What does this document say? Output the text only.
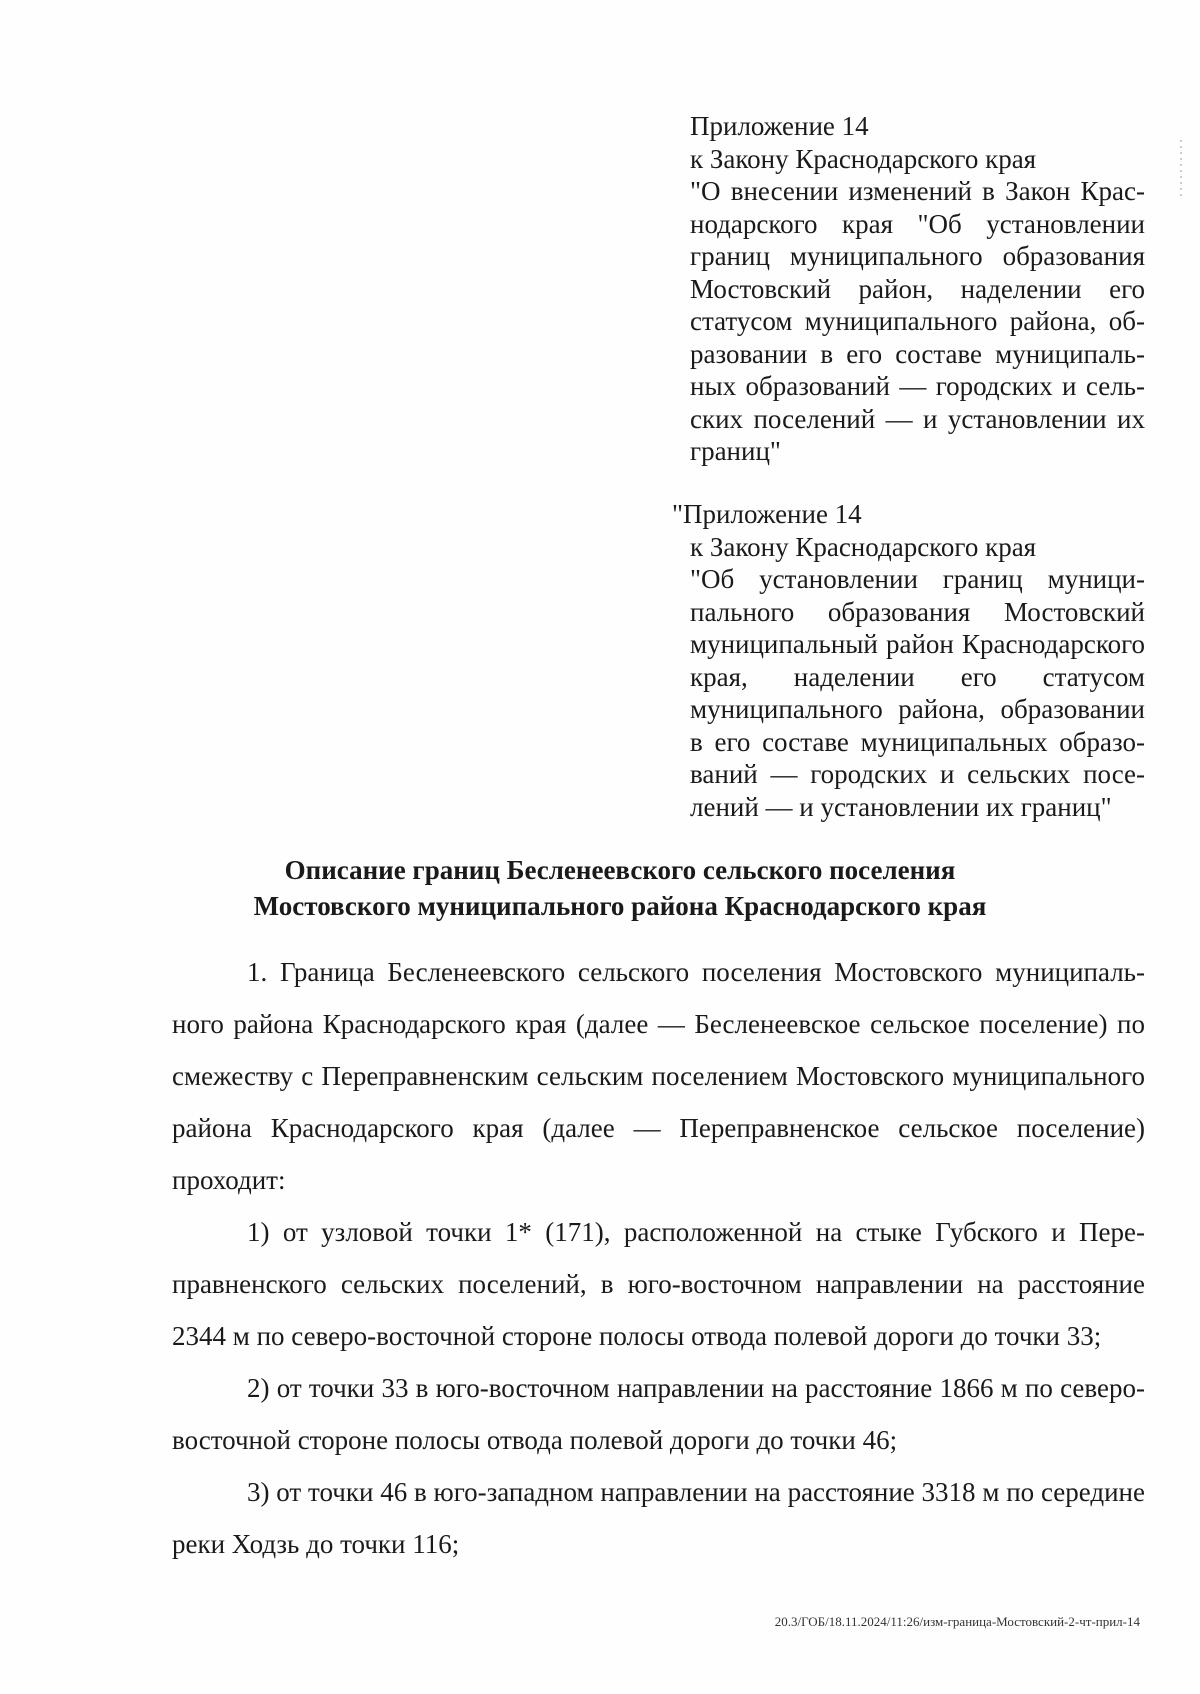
Приложение 14
к Закону Краснодарского края
"О внесении изменений в Закон Краснодарского края "Об установлении границ муниципального образования Мостовский район, наделении его статусом муниципального района, образовании в его составе муниципальных образований — городских и сельских поселений — и установлении их границ"
"Приложение 14
к Закону Краснодарского края
"Об установлении границ муниципального образования Мостовский муниципальный район Краснодарского края, наделении его статусом муниципального района, образовании в его составе муниципальных образований — городских и сельских поселений — и установлении их границ"
Описание границ Бесленеевского сельского поселения
Мостовского муниципального района Краснодарского края

1. Граница Бесленеевского сельского поселения Мостовского муниципального района Краснодарского края (далее — Бесленеевское сельское поселение) по смежеству с Переправненским сельским поселением Мостовского муниципального района Краснодарского края (далее — Переправненское сельское поселение) проходит:

1) от узловой точки 1* (171), расположенной на стыке Губского и Переправненского сельских поселений, в юго-восточном направлении на расстояние 2344 м по северо-восточной стороне полосы отвода полевой дороги до точки 33;

2) от точки 33 в юго-восточном направлении на расстояние 1866 м по северо-восточной стороне полосы отвода полевой дороги до точки 46;

3) от точки 46 в юго-западном направлении на расстояние 3318 м по середине реки Ходзь до точки 116;

20.3/ГОБ/18.11.2024/11:26/изм-граница-Мостовский-2-чт-прил-14
